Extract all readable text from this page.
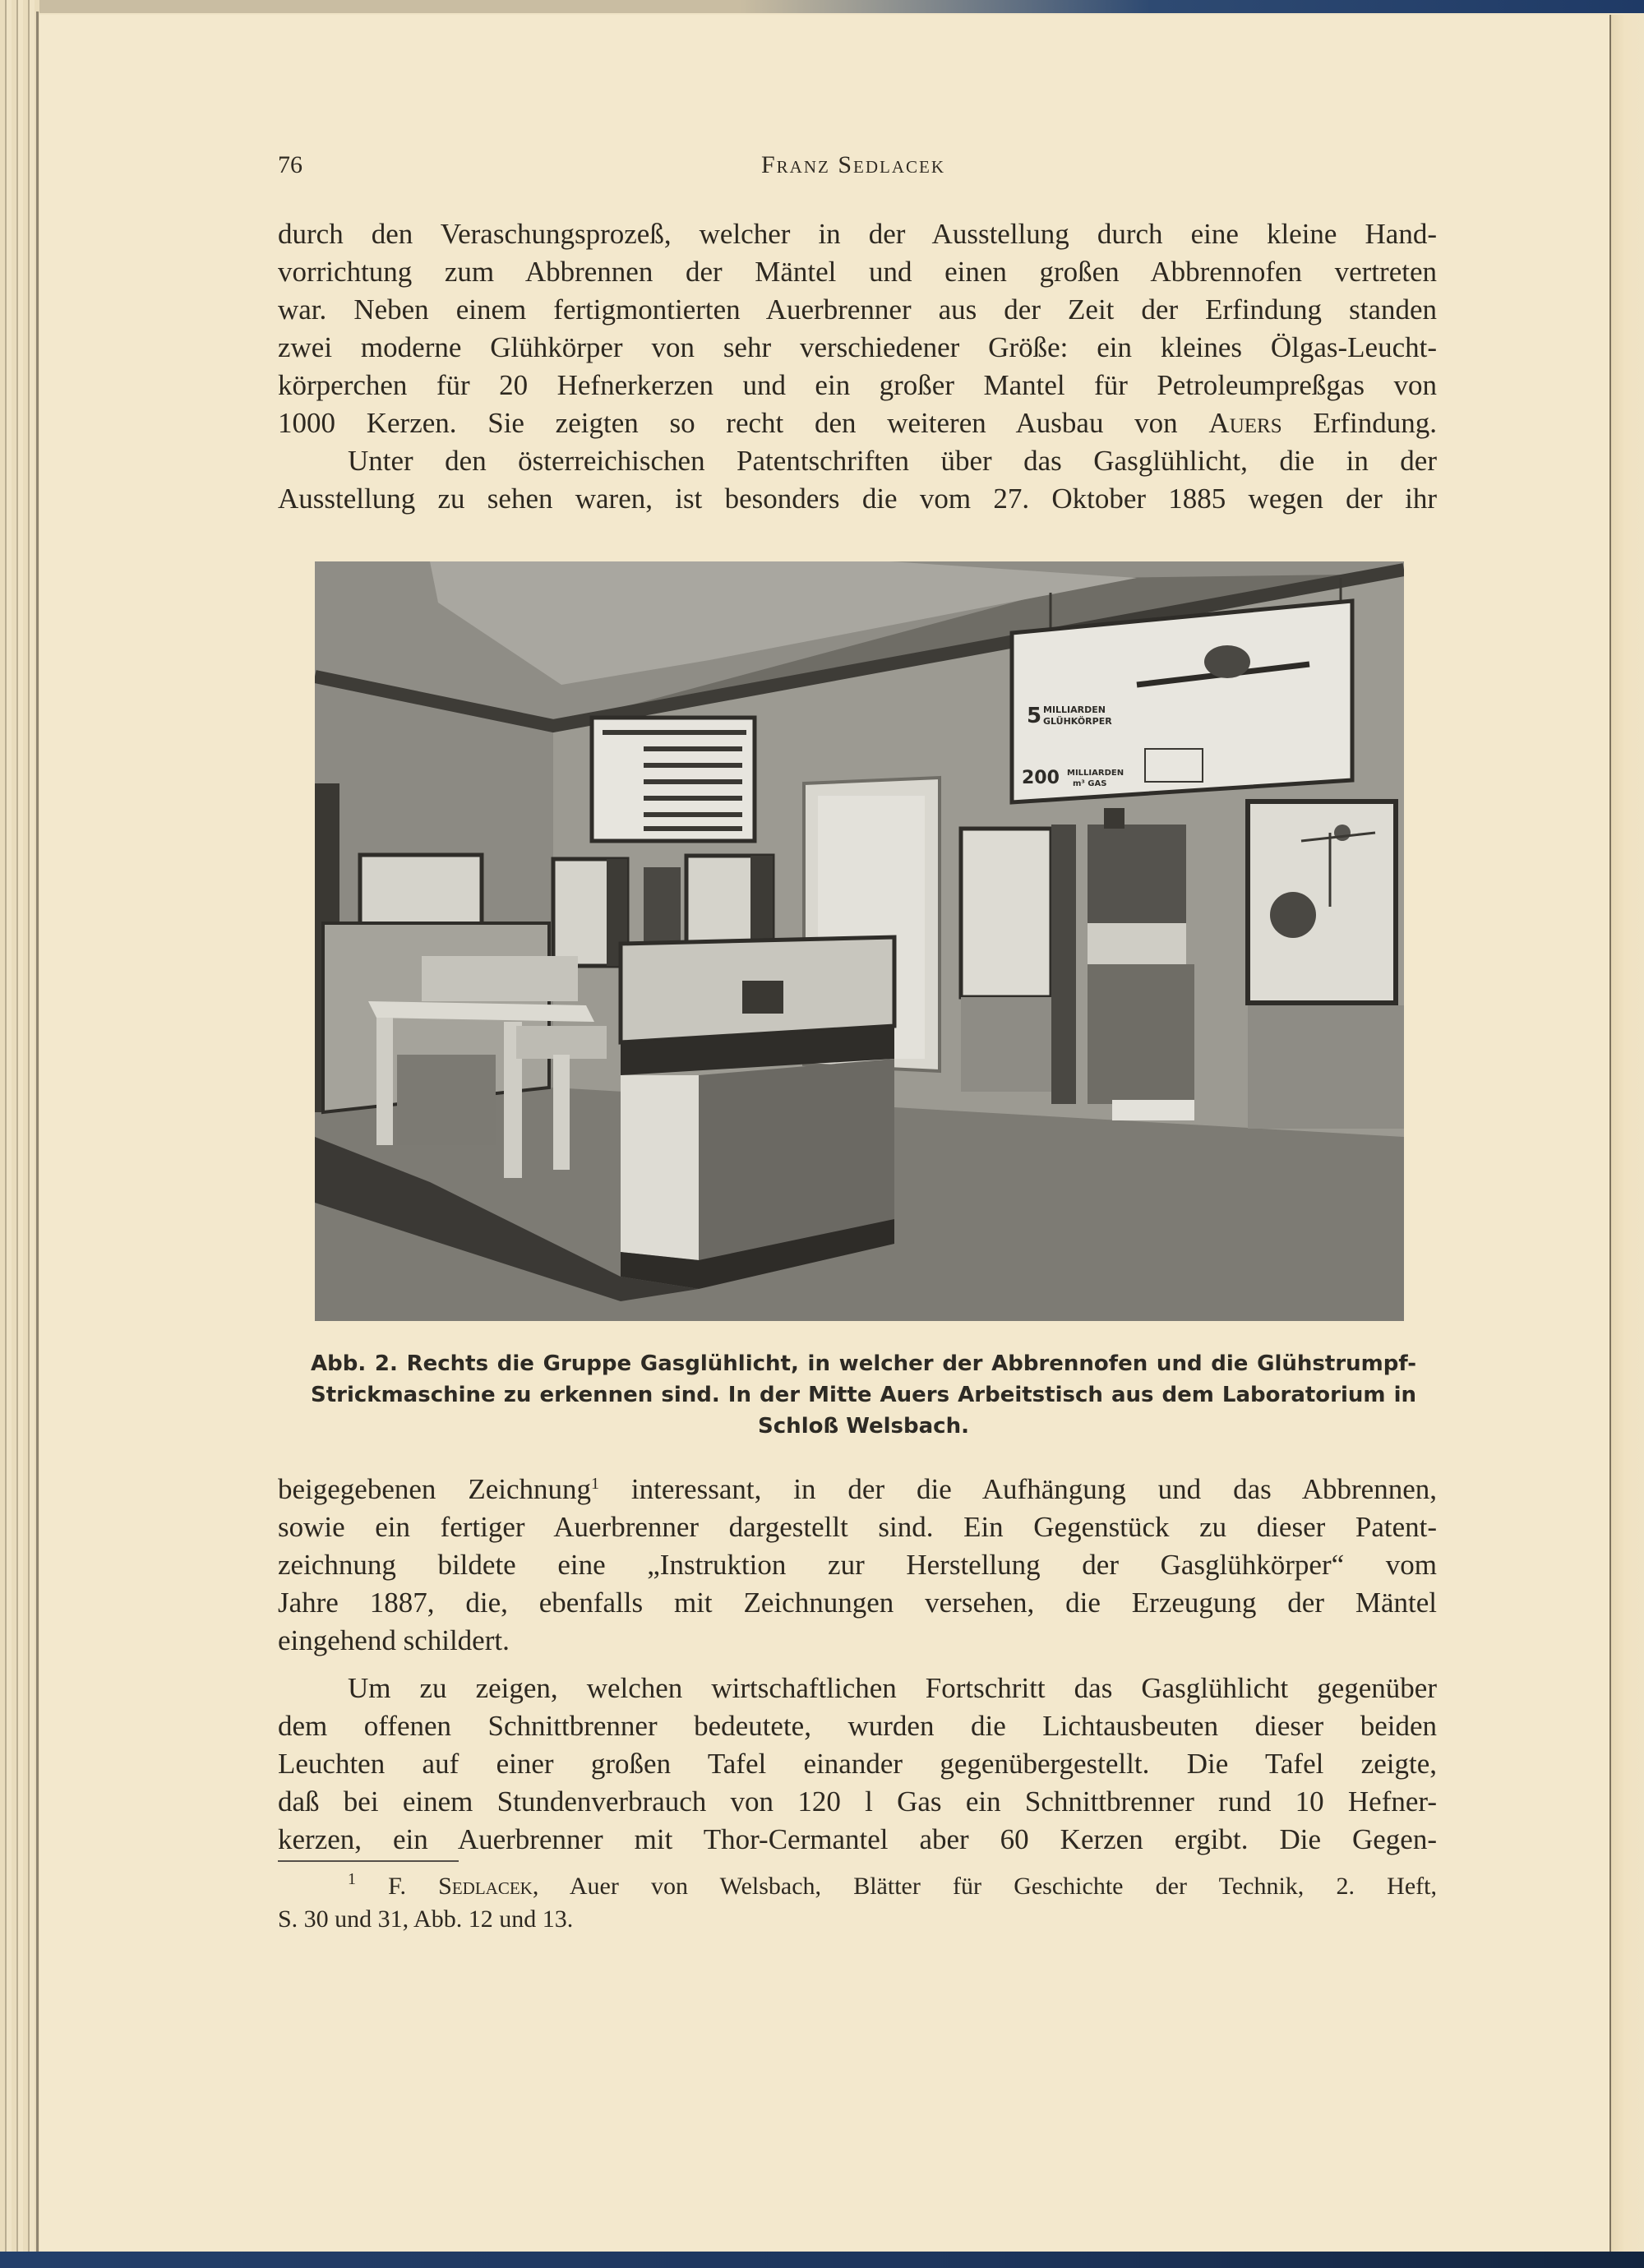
76	Franz Sedlacek
durch den Veraschungsprozeß, welcher in der Ausstellung durch eine kleine Hand-
vorrichtung zum Abbrennen der Mäntel und einen großen Abbrennofen vertreten
war. Neben einem fertigmontierten Auerbrenner aus der Zeit der Erfindung standen
zwei moderne Glühkörper von sehr verschiedener Größe: ein kleines Ölgas-Leucht-
körperchen für 20 Hefnerkerzen und ein großer Mantel für Petroleumpreßgas von
1000 Kerzen. Sie zeigten so recht den weiteren Ausbau von Auers Erfindung.
Unter den österreichischen Patentschriften über das Gasglühlicht, die in der
Ausstellung zu sehen waren, ist besonders die vom 27. Oktober 1885 wegen der ihr
5 MILLIARDEN
GLÜHKÖRPER
200 MILLIARDEN
m³ GAS
Abb. 2. Rechts die Gruppe Gasglühlicht, in welcher der Abbrennofen und die Glühstrumpf-
Strickmaschine zu erkennen sind. In der Mitte Auers Arbeitstisch aus dem Laboratorium in
Schloß Welsbach.
beigegebenen Zeichnung$^1$ interessant, in der die Aufhängung und das Abbrennen,
sowie ein fertiger Auerbrenner dargestellt sind. Ein Gegenstück zu dieser Patent-
zeichnung bildete eine „Instruktion zur Herstellung der Gasglühkörper“ vom
Jahre 1887, die, ebenfalls mit Zeichnungen versehen, die Erzeugung der Mäntel
eingehend schildert.
Um zu zeigen, welchen wirtschaftlichen Fortschritt das Gasglühlicht gegenüber
dem offenen Schnittbrenner bedeutete, wurden die Lichtausbeuten dieser beiden
Leuchten auf einer großen Tafel einander gegenübergestellt. Die Tafel zeigte,
daß bei einem Stundenverbrauch von 120 l Gas ein Schnittbrenner rund 10 Hefner-
kerzen, ein Auerbrenner mit Thor-Cermantel aber 60 Kerzen ergibt. Die Gegen-
$^1$ F. Sedlacek, Auer von Welsbach, Blätter für Geschichte der Technik, 2. Heft,
S. 30 und 31, Abb. 12 und 13.
